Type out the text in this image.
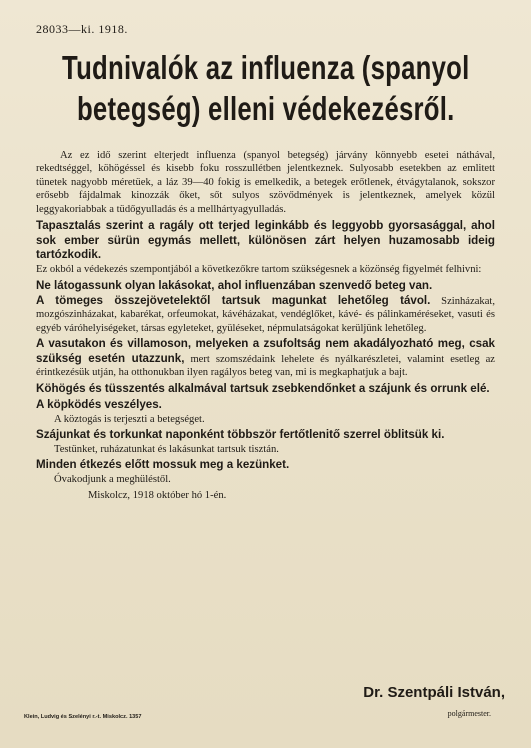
28033—ki. 1918.
Tudnivalók az influenza (spanyol
betegség) elleni védekezésről.

Az ez idő szerint elterjedt influenza (spanyol betegség) járvány könnyebb esetei náthával, rekedtséggel, köhögéssel és kisebb foku rosszullétben jelentkeznek. Sulyosabb esetekben az emlitett tünetek nagyobb méretüek, a láz 39—40 fokig is emelkedik, a betegek erőtlenek, étvágytalanok, sokszor erősebb fájdalmak kinozzák őket, sőt sulyos szövődmények is jelentkeznek, amelyek közül leggyakoriabbak a tüdőgyulladás és a mellhártyagyulladás.

Tapasztalás szerint a ragály ott terjed leginkább és leggyobb gyorsasággal, ahol sok ember sürün egymás mellett, különösen zárt helyen huzamosabb ideig tartózkodik.

Ez okból a védekezés szempontjából a következőkre tartom szükségesnek a közönség figyelmét felhivni:

Ne látogassunk olyan lakásokat, ahol influenzában szenvedő beteg van.

A tömeges összejövetelektől tartsuk magunkat lehetőleg távol. Szinházakat, mozgószinházakat, kabarékat, orfeumokat, kávéházakat, vendéglőket, kávé- és pálinkaméréseket, vasuti és egyéb váróhelyiségeket, társas egyleteket, gyüléseket, népmulatságokat kerüljünk lehetőleg.

A vasutakon és villamoson, melyeken a zsufoltság nem akadályozható meg, csak szükség esetén utazzunk, mert szomszédaink lehelete és nyálkarészletei, valamint esetleg az érintkezésük utján, ha otthonukban ilyen ragályos beteg van, mi is megkaphatjuk a bajt.

Köhögés és tüsszentés alkalmával tartsuk zsebkendőnket a szájunk és orrunk elé.

A köpködés veszélyes.

A köztogás is terjeszti a betegséget.

Szájunkat és torkunkat naponként többször fertőtlenitő szerrel öblitsük ki.

Testünket, ruházatunkat és lakásunkat tartsuk tisztán.

Minden étkezés előtt mossuk meg a kezünket.

Óvakodjunk a meghüléstől.

Miskolcz, 1918 október hó 1-én.

Klein, Ludvig és Szelényi r.-t. Miskolcz. 1357
Dr. Szentpáli István,
polgármester.
